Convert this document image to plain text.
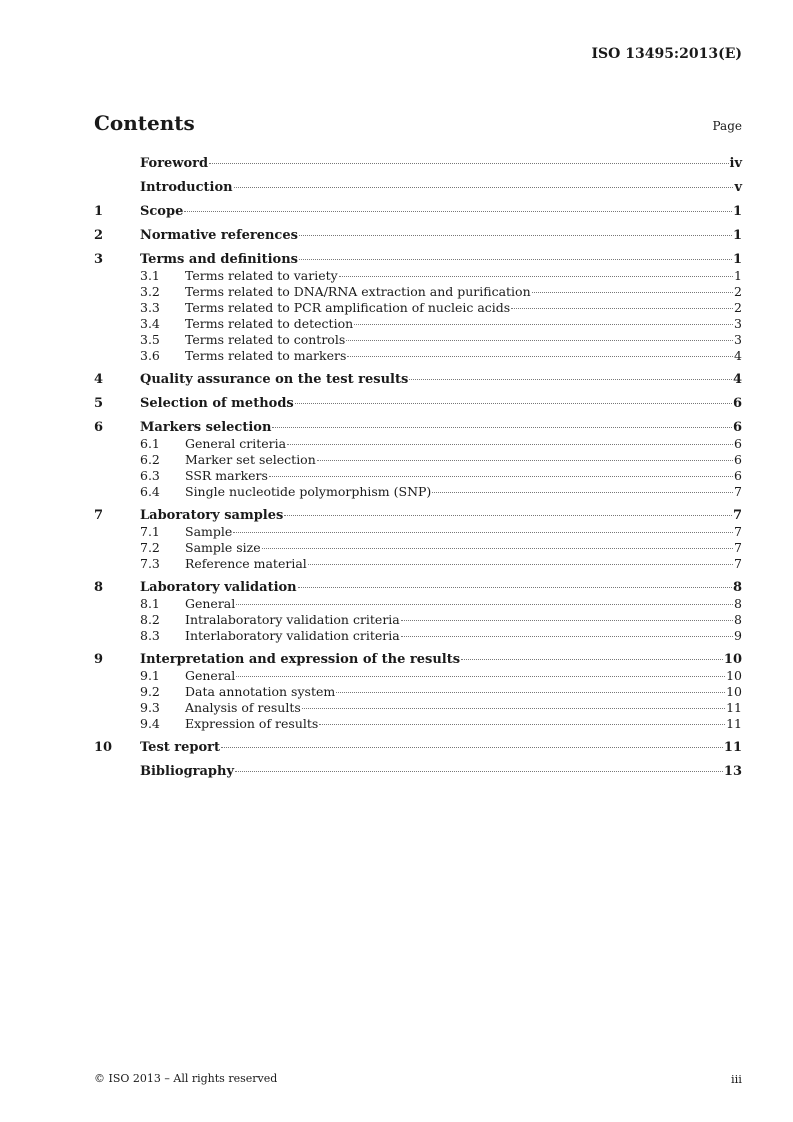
ISO 13495:2013(E)
Contents	Page
Foreword	iv
Introduction	v
1	Scope	1
2	Normative references	1
3	Terms and definitions	1
3.1	Terms related to variety	1
3.2	Terms related to DNA/RNA extraction and purification	2
3.3	Terms related to PCR amplification of nucleic acids	2
3.4	Terms related to detection	3
3.5	Terms related to controls	3
3.6	Terms related to markers	4
4	Quality assurance on the test results	4
5	Selection of methods	6
6	Markers selection	6
6.1	General criteria	6
6.2	Marker set selection	6
6.3	SSR markers	6
6.4	Single nucleotide polymorphism (SNP)	7
7	Laboratory samples	7
7.1	Sample	7
7.2	Sample size	7
7.3	Reference material	7
8	Laboratory validation	8
8.1	General	8
8.2	Intralaboratory validation criteria	8
8.3	Interlaboratory validation criteria	9
9	Interpretation and expression of the results	10
9.1	General	10
9.2	Data annotation system	10
9.3	Analysis of results	11
9.4	Expression of results	11
10	Test report	11
Bibliography	13
© ISO 2013 – All rights reserved	iii
